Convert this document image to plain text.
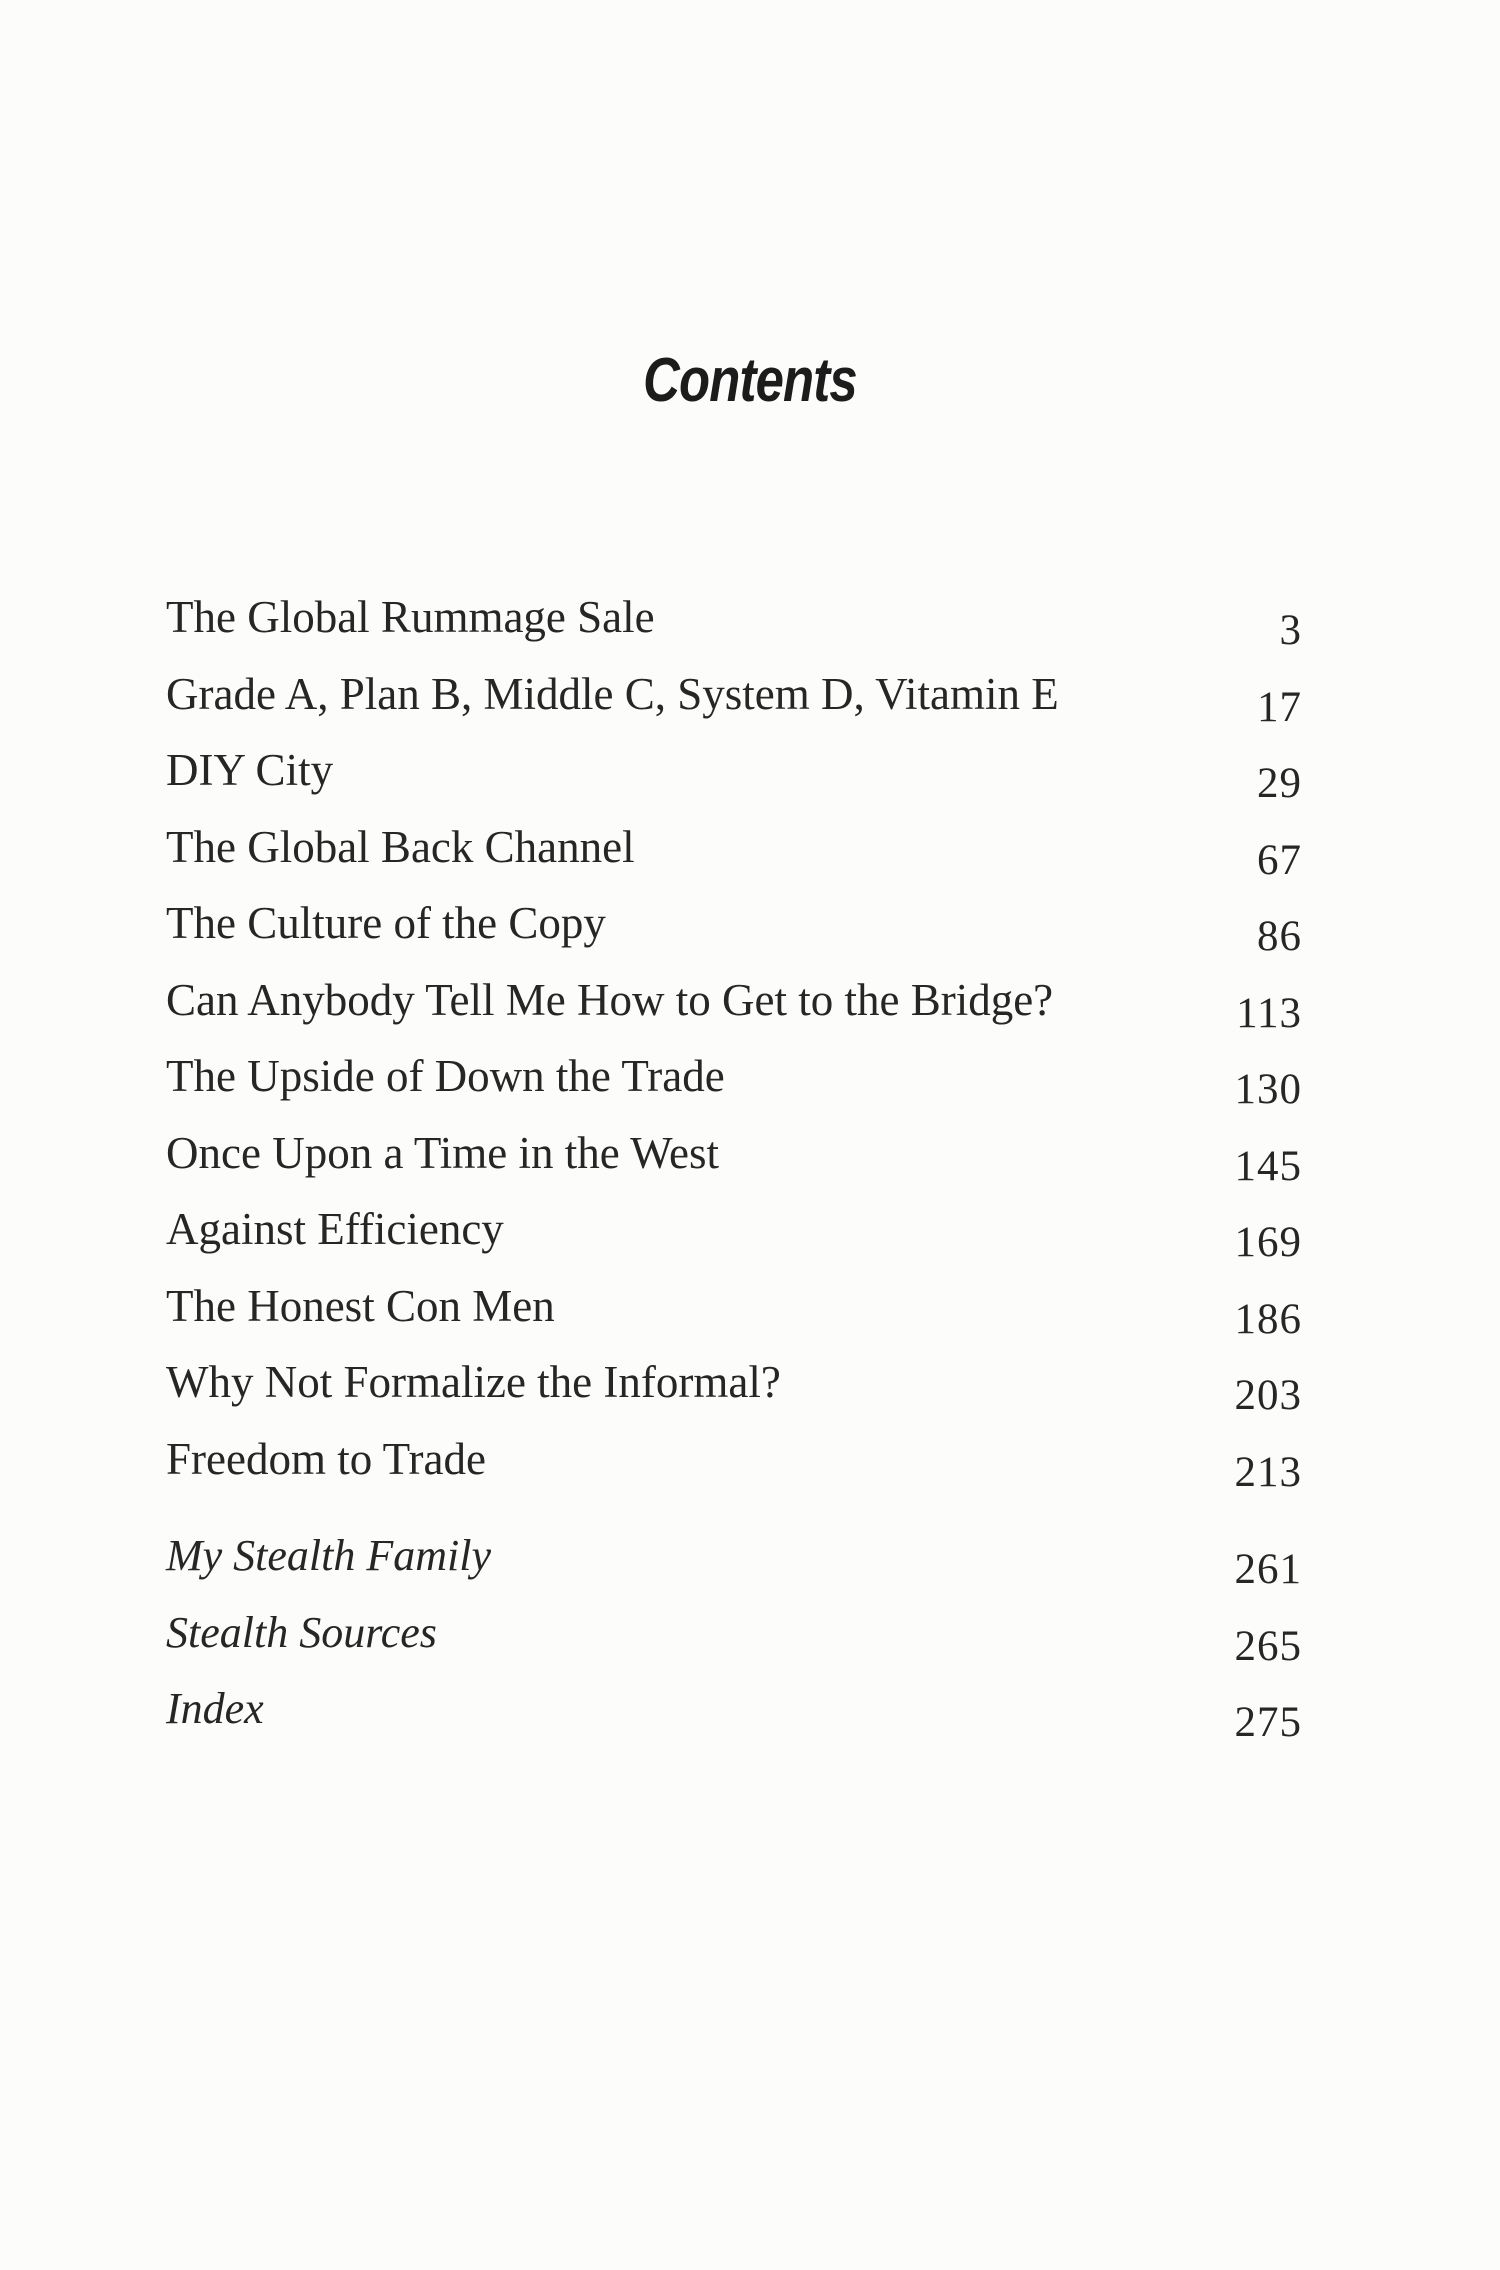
Contents
The Global Rummage Sale	3
Grade A, Plan B, Middle C, System D, Vitamin E	17
DIY City	29
The Global Back Channel	67
The Culture of the Copy	86
Can Anybody Tell Me How to Get to the Bridge?	113
The Upside of Down the Trade	130
Once Upon a Time in the West	145
Against Efficiency	169
The Honest Con Men	186
Why Not Formalize the Informal?	203
Freedom to Trade	213
My Stealth Family	261
Stealth Sources	265
Index	275
